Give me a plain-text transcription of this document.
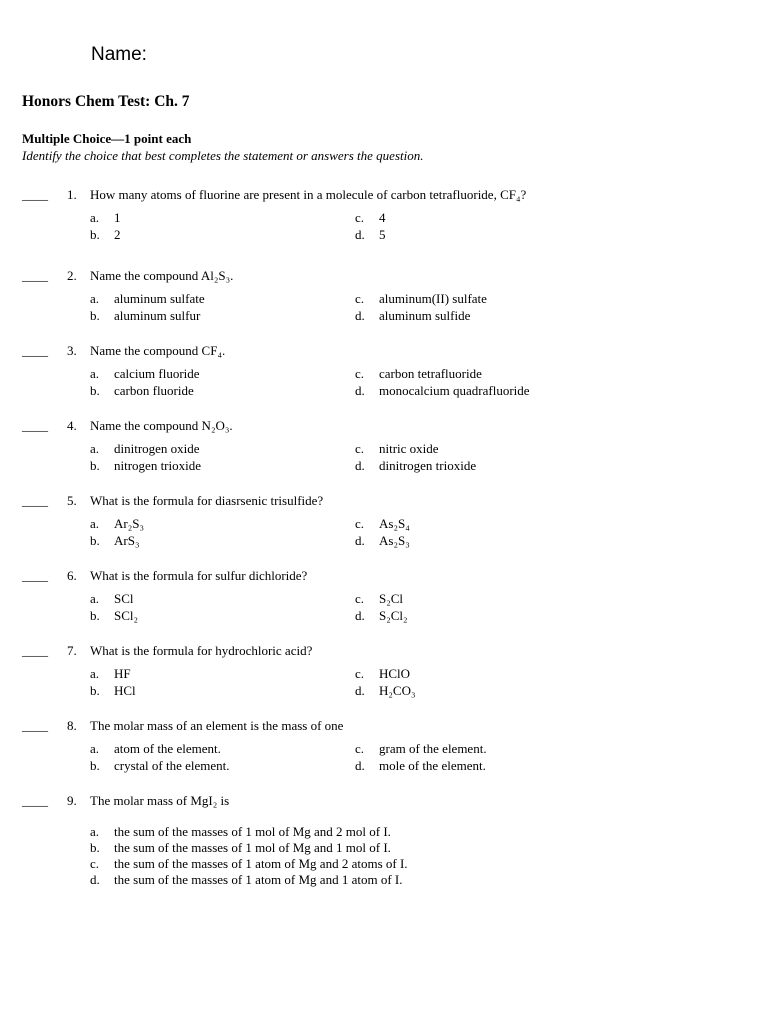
Name:
Honors Chem Test: Ch. 7
Multiple Choice—1 point each
Identify the choice that best completes the statement or answers the question.
____ 1.	How many atoms of fluorine are present in a molecule of carbon tetrafluoride, CF₄?
a. 1
b. 2
c. 4
d. 5
____ 2.	Name the compound Al₂S₃.
a. aluminum sulfate
b. aluminum sulfur
c. aluminum(II) sulfate
d. aluminum sulfide
____ 3.	Name the compound CF₄.
a. calcium fluoride
b. carbon fluoride
c. carbon tetrafluoride
d. monocalcium quadrafluoride
____ 4.	Name the compound N₂O₃.
a. dinitrogen oxide
b. nitrogen trioxide
c. nitric oxide
d. dinitrogen trioxide
____ 5.	What is the formula for diasrsenic trisulfide?
a. Ar₂S₃
b. ArS₃
c. As₂S₄
d. As₂S₃
____ 6.	What is the formula for sulfur dichloride?
a. SCl
b. SCl₂
c. S₂Cl
d. S₂Cl₂
____ 7.	What is the formula for hydrochloric acid?
a. HF
b. HCl
c. HClO
d. H₂CO₃
____ 8.	The molar mass of an element is the mass of one
a. atom of the element.
b. crystal of the element.
c. gram of the element.
d. mole of the element.
____ 9.	The molar mass of MgI₂ is
a. the sum of the masses of 1 mol of Mg and 2 mol of I.
b. the sum of the masses of 1 mol of Mg and 1 mol of I.
c. the sum of the masses of 1 atom of Mg and 2 atoms of I.
d. the sum of the masses of 1 atom of Mg and 1 atom of I.
